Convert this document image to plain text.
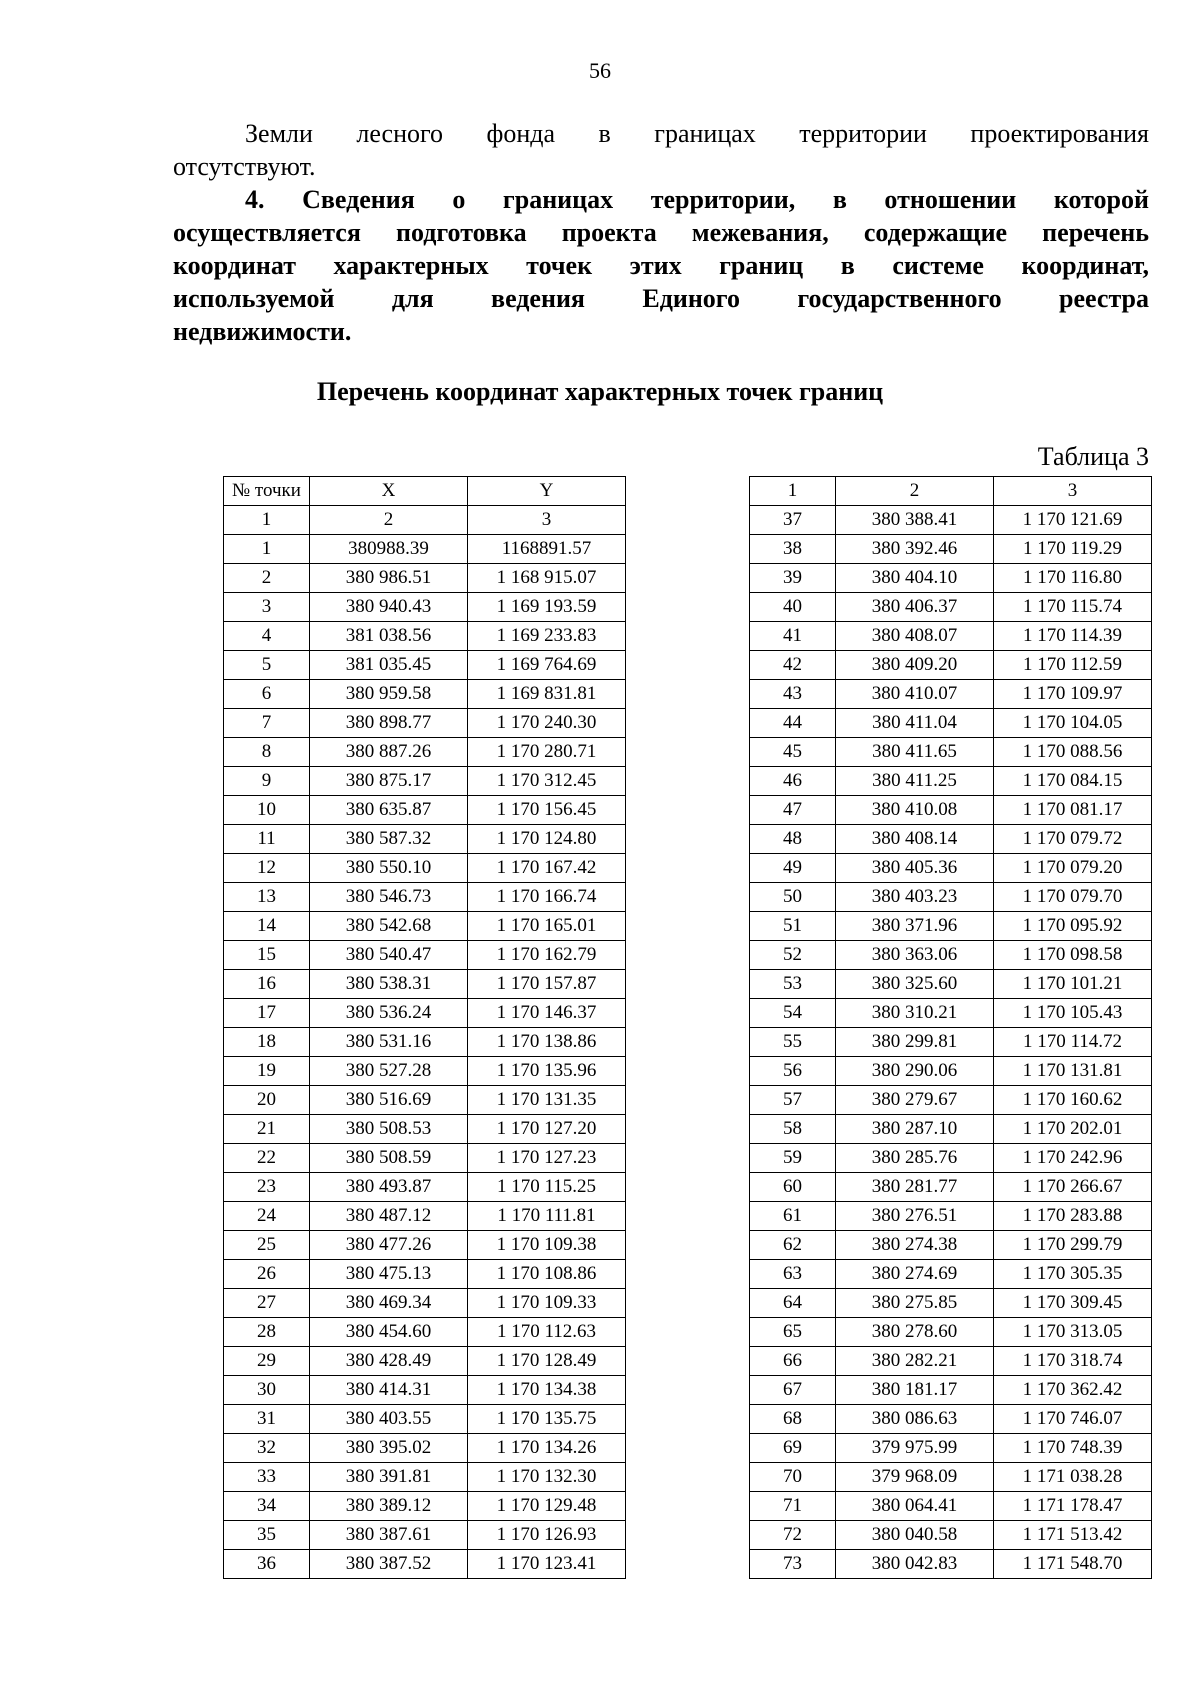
56
Земли лесного фонда в границах территории проектирования
отсутствуют.
4. Сведения о границах территории, в отношении которой
осуществляется подготовка проекта межевания, содержащие перечень
координат характерных точек этих границ в системе координат,
используемой для ведения Единого государственного реестра
недвижимости.
Перечень координат характерных точек границ
Таблица 3
№ точки	X	Y
1	2	3
1	380988.39	1168891.57
2	380 986.51	1 168 915.07
3	380 940.43	1 169 193.59
4	381 038.56	1 169 233.83
5	381 035.45	1 169 764.69
6	380 959.58	1 169 831.81
7	380 898.77	1 170 240.30
8	380 887.26	1 170 280.71
9	380 875.17	1 170 312.45
10	380 635.87	1 170 156.45
11	380 587.32	1 170 124.80
12	380 550.10	1 170 167.42
13	380 546.73	1 170 166.74
14	380 542.68	1 170 165.01
15	380 540.47	1 170 162.79
16	380 538.31	1 170 157.87
17	380 536.24	1 170 146.37
18	380 531.16	1 170 138.86
19	380 527.28	1 170 135.96
20	380 516.69	1 170 131.35
21	380 508.53	1 170 127.20
22	380 508.59	1 170 127.23
23	380 493.87	1 170 115.25
24	380 487.12	1 170 111.81
25	380 477.26	1 170 109.38
26	380 475.13	1 170 108.86
27	380 469.34	1 170 109.33
28	380 454.60	1 170 112.63
29	380 428.49	1 170 128.49
30	380 414.31	1 170 134.38
31	380 403.55	1 170 135.75
32	380 395.02	1 170 134.26
33	380 391.81	1 170 132.30
34	380 389.12	1 170 129.48
35	380 387.61	1 170 126.93
36	380 387.52	1 170 123.41
1	2	3
37	380 388.41	1 170 121.69
38	380 392.46	1 170 119.29
39	380 404.10	1 170 116.80
40	380 406.37	1 170 115.74
41	380 408.07	1 170 114.39
42	380 409.20	1 170 112.59
43	380 410.07	1 170 109.97
44	380 411.04	1 170 104.05
45	380 411.65	1 170 088.56
46	380 411.25	1 170 084.15
47	380 410.08	1 170 081.17
48	380 408.14	1 170 079.72
49	380 405.36	1 170 079.20
50	380 403.23	1 170 079.70
51	380 371.96	1 170 095.92
52	380 363.06	1 170 098.58
53	380 325.60	1 170 101.21
54	380 310.21	1 170 105.43
55	380 299.81	1 170 114.72
56	380 290.06	1 170 131.81
57	380 279.67	1 170 160.62
58	380 287.10	1 170 202.01
59	380 285.76	1 170 242.96
60	380 281.77	1 170 266.67
61	380 276.51	1 170 283.88
62	380 274.38	1 170 299.79
63	380 274.69	1 170 305.35
64	380 275.85	1 170 309.45
65	380 278.60	1 170 313.05
66	380 282.21	1 170 318.74
67	380 181.17	1 170 362.42
68	380 086.63	1 170 746.07
69	379 975.99	1 170 748.39
70	379 968.09	1 171 038.28
71	380 064.41	1 171 178.47
72	380 040.58	1 171 513.42
73	380 042.83	1 171 548.70
